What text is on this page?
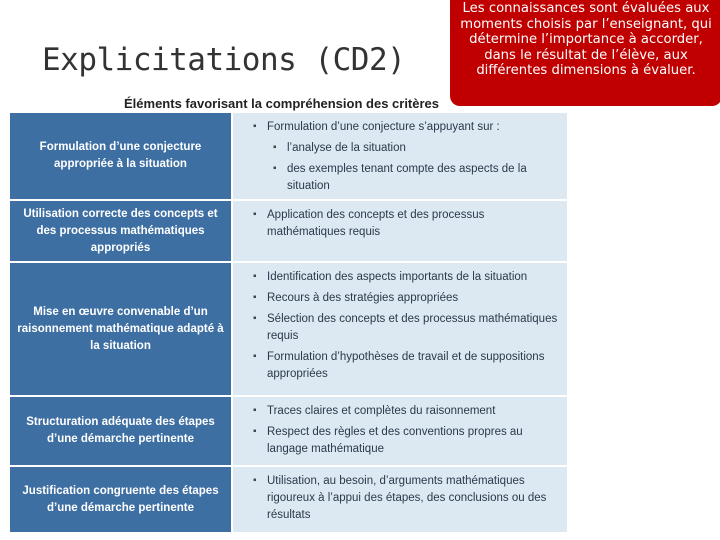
Explicitations (CD2)
Les connaissances sont évaluées aux moments choisis par l’enseignant, qui détermine l’importance à accorder, dans le résultat de l’élève, aux différentes dimensions à évaluer.
Éléments favorisant la compréhension des critères
Formulation d’une conjecture appropriée à la situation
▪ Formulation d’une conjecture s’appuyant sur :
▪ l’analyse de la situation
▪ des exemples tenant compte des aspects de la situation
Utilisation correcte des concepts et des processus mathématiques appropriés
▪ Application des concepts et des processus mathématiques requis
Mise en œuvre convenable d’un raisonnement mathématique adapté à la situation
▪ Identification des aspects importants de la situation
▪ Recours à des stratégies appropriées
▪ Sélection des concepts et des processus mathématiques requis
▪ Formulation d’hypothèses de travail et de suppositions appropriées
Structuration adéquate des étapes d’une démarche pertinente
▪ Traces claires et complètes du raisonnement
▪ Respect des règles et des conventions propres au langage mathématique
Justification congruente des étapes d’une démarche pertinente
▪ Utilisation, au besoin, d’arguments mathématiques rigoureux à l’appui des étapes, des conclusions ou des résultats
